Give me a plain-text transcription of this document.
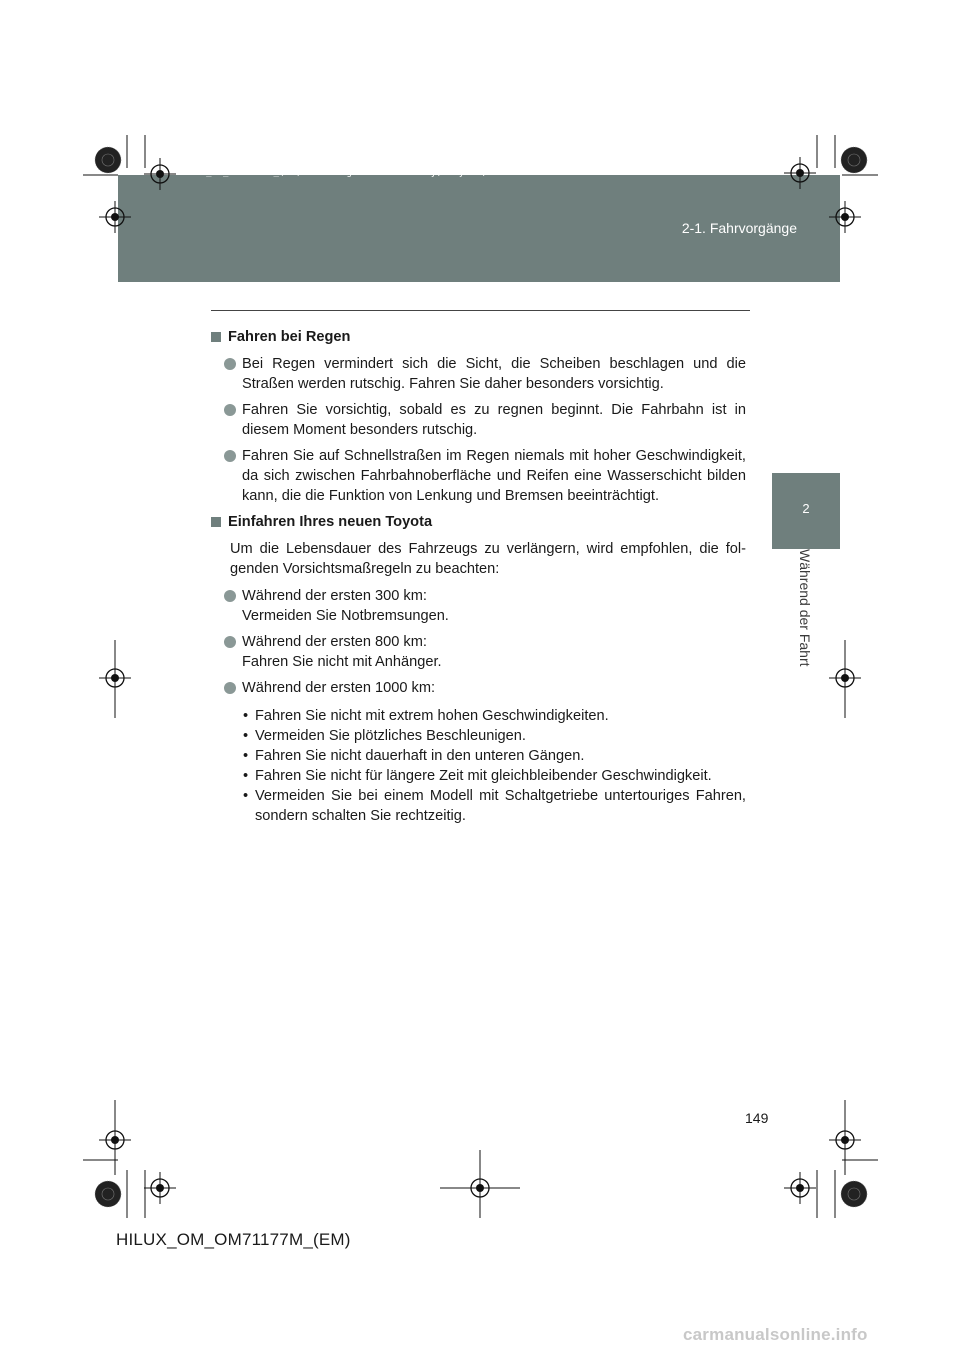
HILUX_OM_OM71177M_(EM).book Page 149 Wednesday, May 16, 2012 1:28 PM
2-1. Fahrvorgänge
2
Während der Fahrt
Fahren bei Regen
Bei Regen vermindert sich die Sicht, die Scheiben beschlagen und die Straßen werden rutschig. Fahren Sie daher besonders vorsichtig.
Fahren Sie vorsichtig, sobald es zu regnen beginnt. Die Fahrbahn ist in diesem Moment besonders rutschig.
Fahren Sie auf Schnellstraßen im Regen niemals mit hoher Geschwindigkeit, da sich zwischen Fahrbahnoberfläche und Reifen eine Wasserschicht bilden kann, die die Funktion von Lenkung und Bremsen beeinträchtigt.
Einfahren Ihres neuen Toyota
Um die Lebensdauer des Fahrzeugs zu verlängern, wird empfohlen, die folgenden Vorsichtsmaßregeln zu beachten:
Während der ersten 300 km:
Vermeiden Sie Notbremsungen.
Während der ersten 800 km:
Fahren Sie nicht mit Anhänger.
Während der ersten 1000 km:
• Fahren Sie nicht mit extrem hohen Geschwindigkeiten.
• Vermeiden Sie plötzliches Beschleunigen.
• Fahren Sie nicht dauerhaft in den unteren Gängen.
• Fahren Sie nicht für längere Zeit mit gleichbleibender Geschwindigkeit.
• Vermeiden Sie bei einem Modell mit Schaltgetriebe untertouriges Fahren, sondern schalten Sie rechtzeitig.
149
HILUX_OM_OM71177M_(EM)
carmanualsonline.info
